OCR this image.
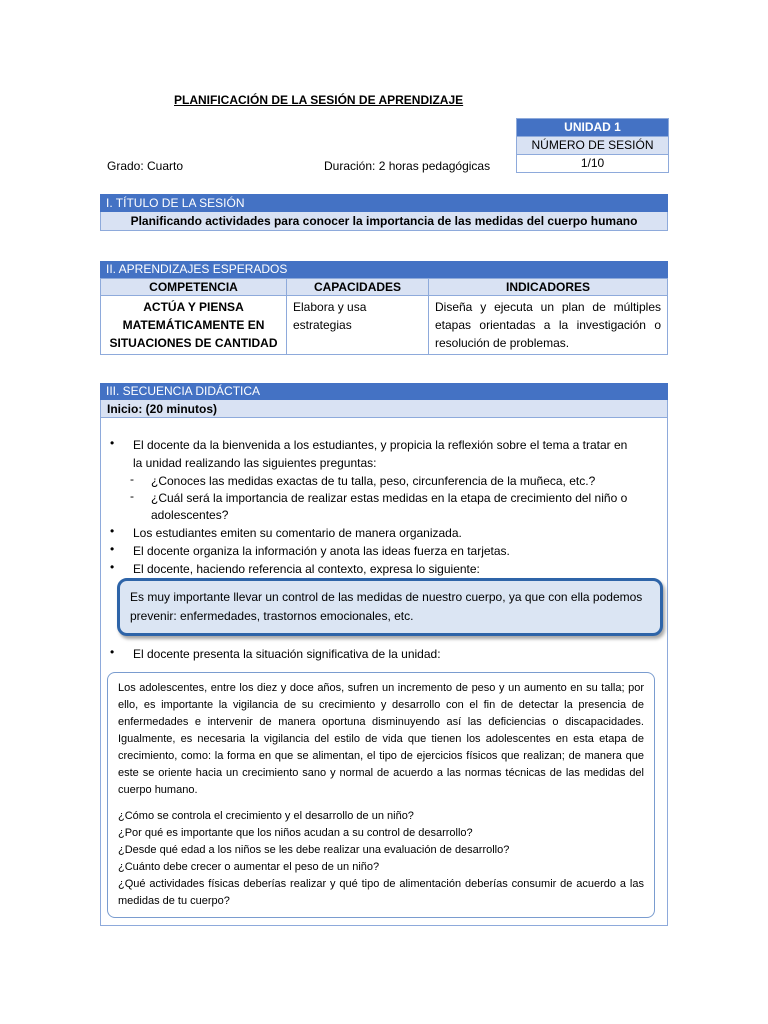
PLANIFICACIÓN DE LA SESIÓN DE APRENDIZAJE
UNIDAD 1
NÚMERO DE SESIÓN
1/10
Grado: Cuarto	Duración: 2 horas pedagógicas
I. TÍTULO DE LA SESIÓN
Planificando actividades para conocer la importancia de las medidas del cuerpo humano
II. APRENDIZAJES ESPERADOS
COMPETENCIA	CAPACIDADES	INDICADORES
ACTÚA Y PIENSA MATEMÁTICAMENTE EN SITUACIONES DE CANTIDAD	Elabora y usa estrategias	Diseña y ejecuta un plan de múltiples etapas orientadas a la investigación o resolución de problemas.
III. SECUENCIA DIDÁCTICA
Inicio: (20 minutos)
• El docente da la bienvenida a los estudiantes, y propicia la reflexión sobre el tema a tratar en
la unidad realizando las siguientes preguntas:
- ¿Conoces las medidas exactas de tu talla, peso, circunferencia de la muñeca, etc.?
- ¿Cuál será la importancia de realizar estas medidas en la etapa de crecimiento del niño o
adolescentes?
• Los estudiantes emiten su comentario de manera organizada.
• El docente organiza la información y anota las ideas fuerza en tarjetas.
• El docente, haciendo referencia al contexto, expresa lo siguiente:
Es muy importante llevar un control de las medidas de nuestro cuerpo, ya que con ella podemos prevenir: enfermedades, trastornos emocionales, etc.
• El docente presenta la situación significativa de la unidad:

Los adolescentes, entre los diez y doce años, sufren un incremento de peso y un aumento en su talla; por ello, es importante la vigilancia de su crecimiento y desarrollo con el fin de detectar la presencia de enfermedades e intervenir de manera oportuna disminuyendo así las deficiencias o discapacidades. Igualmente, es necesaria la vigilancia del estilo de vida que tienen los adolescentes en esta etapa de crecimiento, como: la forma en que se alimentan, el tipo de ejercicios físicos que realizan; de manera que este se oriente hacia un crecimiento sano y normal de acuerdo a las normas técnicas de las medidas del cuerpo humano.

¿Cómo se controla el crecimiento y el desarrollo de un niño?

¿Por qué es importante que los niños acudan a su control de desarrollo?

¿Desde qué edad a los niños se les debe realizar una evaluación de desarrollo?

¿Cuánto debe crecer o aumentar el peso de un niño?

¿Qué actividades físicas deberías realizar y qué tipo de alimentación deberías consumir de acuerdo a las medidas de tu cuerpo?
